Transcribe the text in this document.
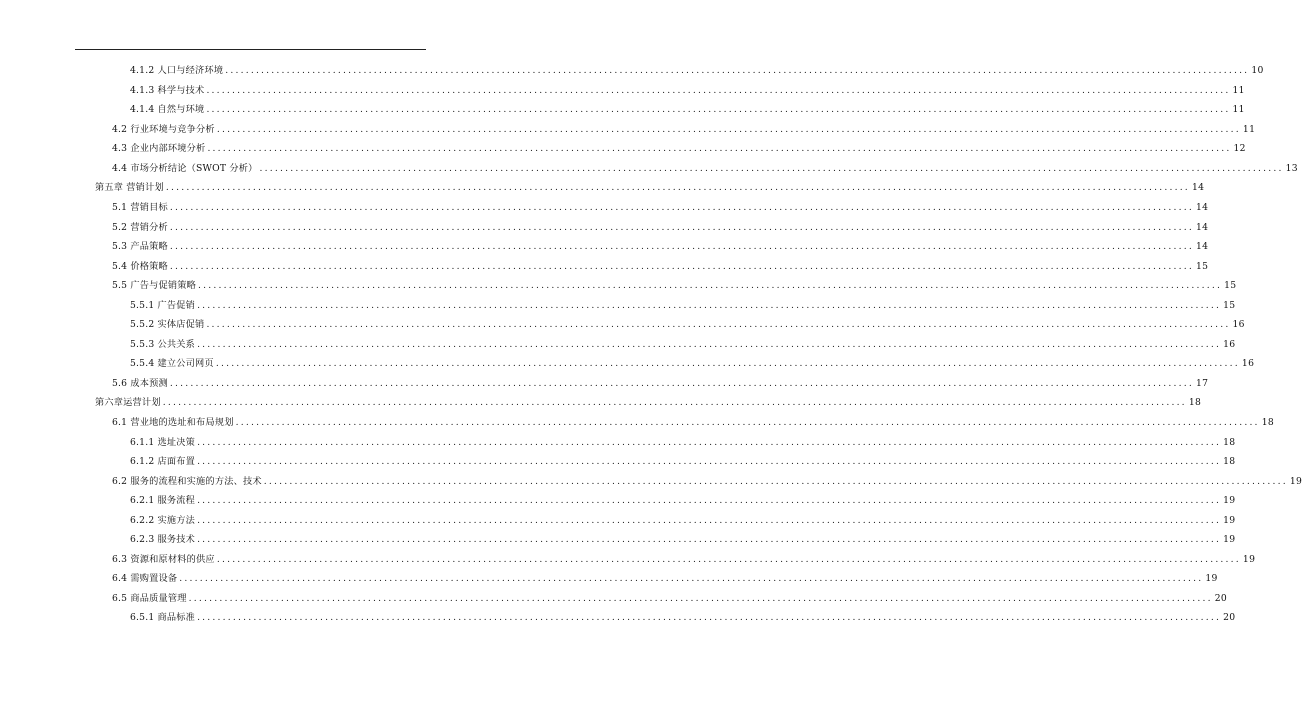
4.1.2 人口与经济环境 ........................................................................................................................................................................................................ 10
4.1.3 科学与技术 ........................................................................................................................................................................................................ 11
4.1.4 自然与环境 ........................................................................................................................................................................................................ 11
4.2 行业环境与竞争分析 ........................................................................................................................................................................................................ 11
4.3 企业内部环境分析 ........................................................................................................................................................................................................ 12
4.4 市场分析结论（SWOT 分析） ........................................................................................................................................................................................................ 13
第五章 营销计划 ........................................................................................................................................................................................................ 14
5.1 营销目标 ........................................................................................................................................................................................................ 14
5.2 营销分析 ........................................................................................................................................................................................................ 14
5.3 产品策略 ........................................................................................................................................................................................................ 14
5.4 价格策略 ........................................................................................................................................................................................................ 15
5.5 广告与促销策略 ........................................................................................................................................................................................................ 15
5.5.1 广告促销 ........................................................................................................................................................................................................ 15
5.5.2 实体店促销 ........................................................................................................................................................................................................ 16
5.5.3 公共关系 ........................................................................................................................................................................................................ 16
5.5.4 建立公司网页 ........................................................................................................................................................................................................ 16
5.6 成本预测 ........................................................................................................................................................................................................ 17
第六章运营计划 ........................................................................................................................................................................................................ 18
6.1 营业地的选址和布局规划 ........................................................................................................................................................................................................ 18
6.1.1 选址决策 ........................................................................................................................................................................................................ 18
6.1.2 店面布置 ........................................................................................................................................................................................................ 18
6.2 服务的流程和实施的方法、技术 ........................................................................................................................................................................................................ 19
6.2.1 服务流程 ........................................................................................................................................................................................................ 19
6.2.2 实施方法 ........................................................................................................................................................................................................ 19
6.2.3 服务技术 ........................................................................................................................................................................................................ 19
6.3 资源和原材料的供应 ........................................................................................................................................................................................................ 19
6.4 需购置设备 ........................................................................................................................................................................................................ 19
6.5 商品质量管理 ........................................................................................................................................................................................................ 20
6.5.1 商品标准 ........................................................................................................................................................................................................ 20
